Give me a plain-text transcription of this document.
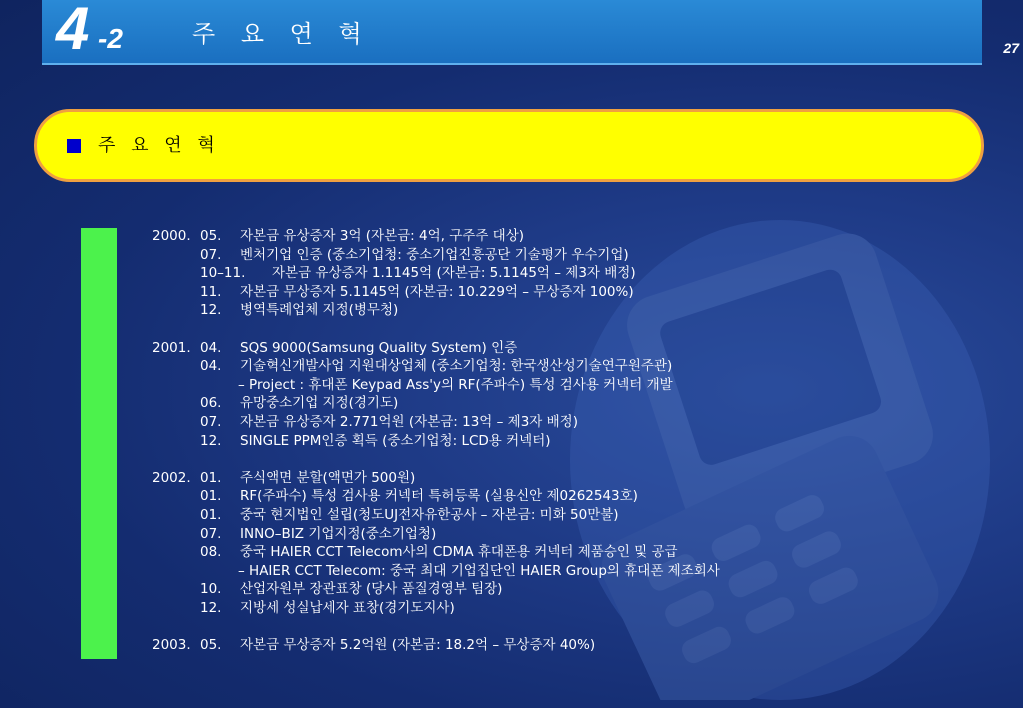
4 -2	주 요 연 혁	27
주 요 연 혁
2000. 05. 자본금 유상증자 3억 (자본금: 4억, 구주주 대상)
07. 벤처기업 인증 (중소기업청: 중소기업진흥공단 기술평가 우수기업)
10–11. 자본금 유상증자 1.1145억 (자본금: 5.1145억 – 제3자 배정)
11. 자본금 무상증자 5.1145억 (자본금: 10.229억 – 무상증자 100%)
12. 병역특례업체 지정(병무청)
2001. 04. SQS 9000(Samsung Quality System) 인증
04. 기술혁신개발사업 지원대상업체 (중소기업청: 한국생산성기술연구원주관)
– Project : 휴대폰 Keypad Ass'y의 RF(주파수) 특성 검사용 커넥터 개발
06. 유망중소기업 지정(경기도)
07. 자본금 유상증자 2.771억원 (자본금: 13억 – 제3자 배정)
12. SINGLE PPM인증 획득 (중소기업청: LCD용 커넥터)
2002. 01. 주식액면 분할(액면가 500원)
01. RF(주파수) 특성 검사용 커넥터 특허등록 (실용신안 제0262543호)
01. 중국 현지법인 설립(청도UJ전자유한공사 – 자본금: 미화 50만불)
07. INNO–BIZ 기업지정(중소기업청)
08. 중국 HAIER CCT Telecom사의 CDMA 휴대폰용 커넥터 제품승인 및 공급
– HAIER CCT Telecom: 중국 최대 기업집단인 HAIER Group의 휴대폰 제조회사
10. 산업자원부 장관표창 (당사 품질경영부 팀장)
12. 지방세 성실납세자 표창(경기도지사)
2003. 05. 자본금 무상증자 5.2억원 (자본금: 18.2억 – 무상증자 40%)
